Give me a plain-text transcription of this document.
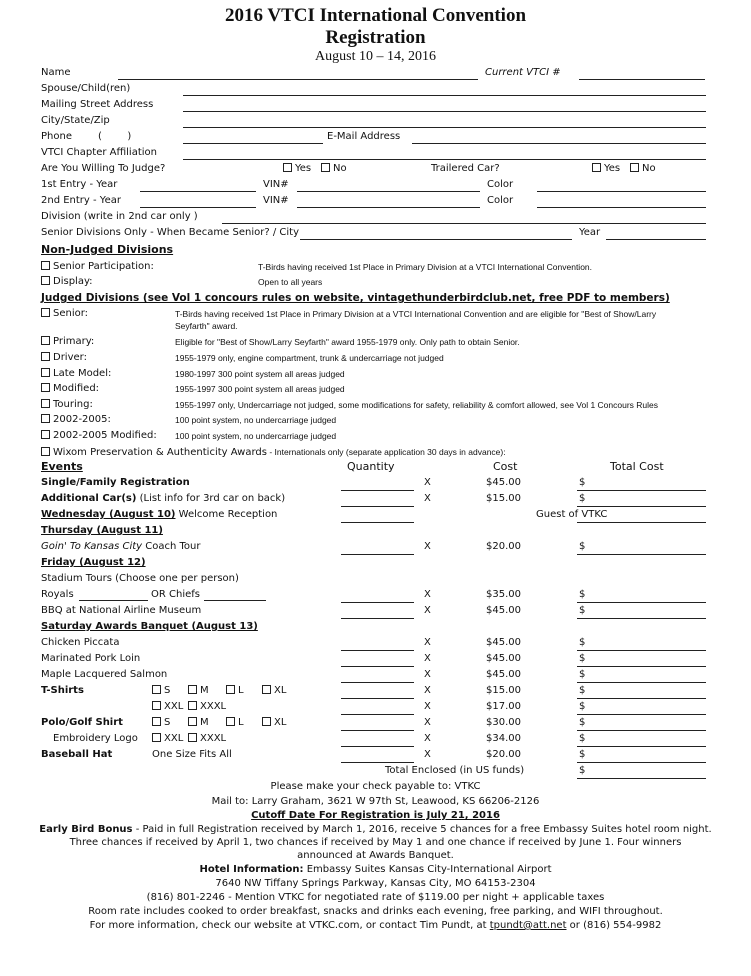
2016 VTCI International Convention
Registration
August 10 – 14, 2016
Name	Current VTCI #
Spouse/Child(ren)
Mailing Street Address
City/State/Zip
Phone	(        )	E-Mail Address
VTCI Chapter Affiliation
Are You Willing To Judge?	Yes	No	Trailered Car?	Yes	No
1st Entry - Year	VIN#	Color
2nd Entry - Year	VIN#	Color
Division (write in 2nd car only )
Senior Divisions Only - When Became Senior? / City	Year
Non-Judged Divisions
Senior Participation:	T-Birds having received 1st Place in Primary Division at a VTCI International Convention.
Display:	Open to all years
Judged Divisions (see Vol 1 concours rules on website, vintagethunderbirdclub.net, free PDF to members)
Senior:	T-Birds having received 1st Place in Primary Division at a VTCI International Convention and are eligible for "Best of Show/Larry
Seyfarth" award.
Primary:	Eligible for "Best of Show/Larry Seyfarth" award 1955-1979 only. Only path to obtain Senior.
Driver:	1955-1979 only, engine compartment, trunk & undercarriage not judged
Late Model:	1980-1997 300 point system all areas judged
Modified:	1955-1997 300 point system all areas judged
Touring:	1955-1997 only, Undercarriage not judged, some modifications for safety, reliability & comfort allowed, see Vol 1 Concours Rules
2002-2005:	100 point system, no undercarriage judged
2002-2005 Modified: 100 point system, no undercarriage judged
Wixom Preservation & Authenticity Awards - Internationals only (separate application 30 days in advance):
Events	Quantity	Cost	Total Cost
Single/Family Registration	X	$45.00	$
Additional Car(s) (List info for 3rd car on back)	X	$15.00	$
Wednesday (August 10) Welcome Reception	Guest of VTKC
Thursday (August 11)
Goin' To Kansas City Coach Tour	X	$20.00	$
Friday (August 12)
Stadium Tours (Choose one per person)
Royals	OR Chiefs	X	$35.00	$
BBQ at National Airline Museum	X	$45.00	$
Saturday Awards Banquet (August 13)
Chicken Piccata	X	$45.00	$
Marinated Pork Loin	X	$45.00	$
Maple Lacquered Salmon	X	$45.00	$
T-Shirts	S	M	L	XL	X	$15.00	$
XXL	XXXL	X	$17.00	$
Polo/Golf Shirt	S	M	L	XL	X	$30.00	$
Embroidery Logo	XXL	XXXL	X	$34.00	$
Baseball Hat	One Size Fits All	X	$20.00	$
Total Enclosed (in US funds)	$
Please make your check payable to: VTKC
Mail to: Larry Graham, 3621 W 97th St, Leawood, KS 66206-2126
Cutoff Date For Registration is July 21, 2016
Early Bird Bonus - Paid in full Registration received by March 1, 2016, receive 5 chances for a free Embassy Suites hotel room night.
Three chances if received by April 1, two chances if received by May 1 and one chance if received by June 1. Four winners
announced at Awards Banquet.
Hotel Information: Embassy Suites Kansas City-International Airport
7640 NW Tiffany Springs Parkway, Kansas City, MO 64153-2304
(816) 801-2246 - Mention VTKC for negotiated rate of $119.00 per night + applicable taxes
Room rate includes cooked to order breakfast, snacks and drinks each evening, free parking, and WIFI throughout.
For more information, check our website at VTKC.com, or contact Tim Pundt, at tpundt@att.net or (816) 554-9982
